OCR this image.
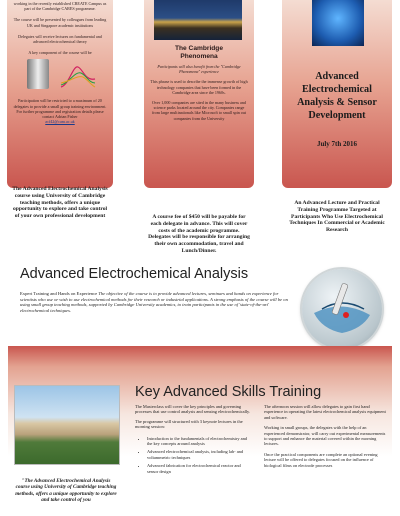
working in the recently established CREATE Campus as part of the Cambridge CARES programme.

The course will be presented by colleagues from leading UK and Singapore academic institutions

Delegates will receive lectures on fundamental and advanced electrochemical theory

A key component of the course will be

Participation will be restricted to a maximum of 20 delegates to provide a small group training environment. For further programme and registration details please contact Adrian Fisher

acf42@cam.ac.uk

The Advanced Electrochemical Analysis course using University of Cambridge teaching methods, offers a unique opportunity to explore and take control of your own professional development
The Cambridge Phenomena

Participants will also benefit from the "Cambridge Phenomena" experience

This phrase is used to describe the immense growth of high technology companies that have been formed in the Cambridge area since the 1960s.

Over 1,000 companies are sited in the many business and science parks located around the city. Companies range from large multinationals like Microsoft to small spin out companies from the University

A course fee of $450 will be payable for each delegate in advance. This will cover costs of the academic programme. Delegates will be responsible for arranging their own accommodation, travel and Lunch/Dinner.
Advanced Electrochemical Analysis & Sensor Development
July 7th 2016
An Advanced Lecture and Practical Training Programme Targeted at Participants Who Use Electrochemical Techniques In Commercial or Academic Research
Advanced Electrochemical Analysis
Expert Training and Hands on Experience The objective of the course is to provide advanced lectures, seminars and hands on experience for scientists who use or wish to use electrochemical methods for their research or industrial applications. A strong emphasis of the course will be on using small group teaching methods, supported by Cambridge University academics, to train participants in the use of 'state-of-the-art' electrochemical techniques.
Key Advanced Skills Training

The Masterclass will cover the key principles and governing processes that use control analysis and sensing electrochemically.

The programme will structured with 3 keynote lectures in the morning session:

• Introduction to the fundamentals of electrochemistry and the key concepts around analysis
• Advanced electrochemical analysis, including lab- and voltammetric techniques
• Advanced fabrication for electrochemical reactor and sensor design

The afternoon session will allow delegates to gain first hand experience in operating the latest electrochemical analysis equipment and software.

Working in small groups, the delegates with the help of an experienced demonstrator, will carry out experimental measurements to support and enhance the material covered within the morning lectures.

Once the practical components are complete an optional evening lecture will be offered to delegates focused on the influence of biological films on electrode processes

"The Advanced Electrochemical Analysis course using University of Cambridge teaching methods, offers a unique opportunity to explore and take control of you
